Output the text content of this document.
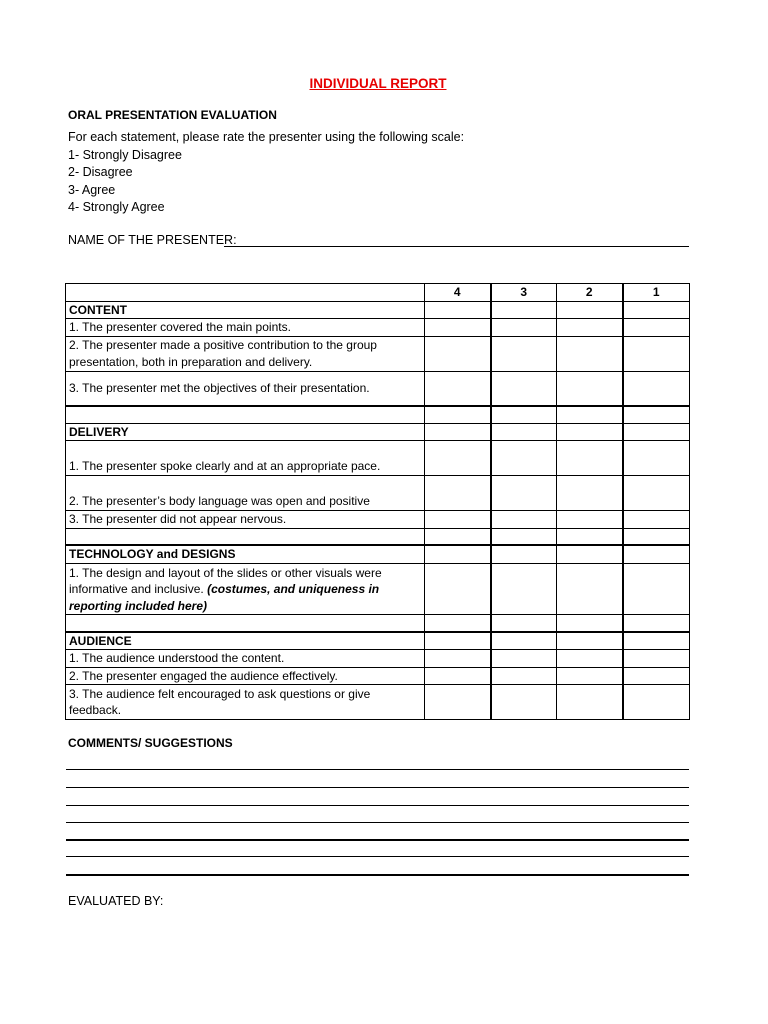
INDIVIDUAL REPORT
ORAL PRESENTATION EVALUATION
For each statement, please rate the presenter using the following scale:
1- Strongly Disagree
2- Disagree
3- Agree
4- Strongly Agree
NAME OF THE PRESENTER:
	4	3	2	1
CONTENT				
1. The presenter covered the main points.				
2. The presenter made a positive contribution to the group presentation, both in preparation and delivery.				
3. The presenter met the objectives of their presentation.				

DELIVERY				
1. The presenter spoke clearly and at an appropriate pace.				
2. The presenter’s body language was open and positive				
3. The presenter did not appear nervous.				

TECHNOLOGY and DESIGNS				
1. The design and layout of the slides or other visuals were informative and inclusive. (costumes, and uniqueness in reporting included here)				

AUDIENCE				
1. The audience understood the content.				
2. The presenter engaged the audience effectively.				
3. The audience felt encouraged to ask questions or give feedback.				
COMMENTS/ SUGGESTIONS
EVALUATED BY:
